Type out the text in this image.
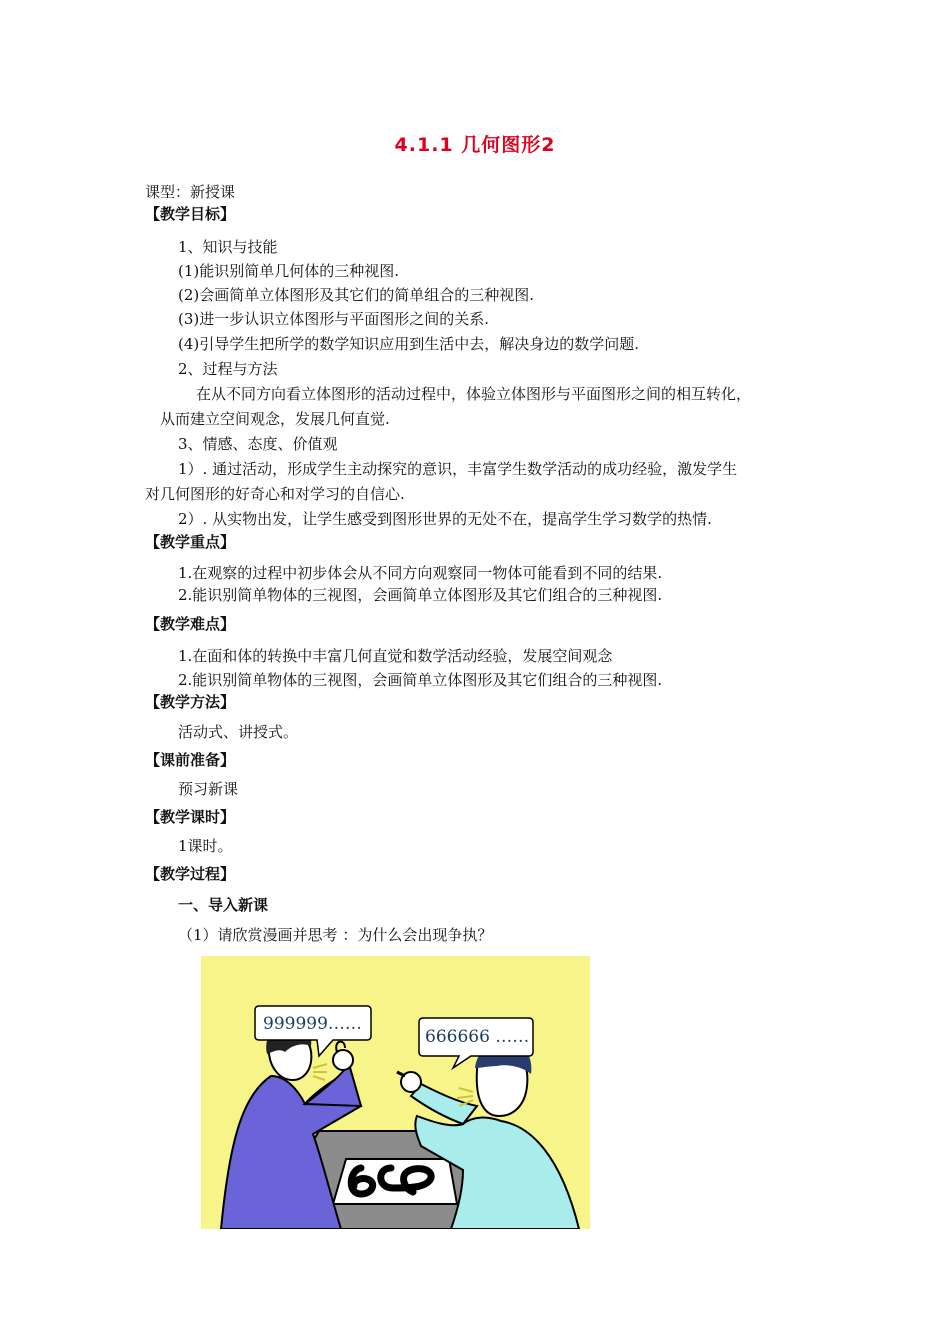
4.1.1 几何图形2
课型：新授课
【教学目标】
1、知识与技能
(1)能识别简单几何体的三种视图.
(2)会画简单立体图形及其它们的简单组合的三种视图.
(3)进一步认识立体图形与平面图形之间的关系.
(4)引导学生把所学的数学知识应用到生活中去，解决身边的数学问题.
2、过程与方法
在从不同方向看立体图形的活动过程中，体验立体图形与平面图形之间的相互转化，
从而建立空间观念，发展几何直觉.
3、情感、态度、价值观
1）. 通过活动，形成学生主动探究的意识，丰富学生数学活动的成功经验，激发学生
对几何图形的好奇心和对学习的自信心.
2）. 从实物出发，让学生感受到图形世界的无处不在，提高学生学习数学的热情.
【教学重点】
1.在观察的过程中初步体会从不同方向观察同一物体可能看到不同的结果.
2.能识别简单物体的三视图，会画简单立体图形及其它们组合的三种视图.
【教学难点】
1.在面和体的转换中丰富几何直觉和数学活动经验，发展空间观念
2.能识别简单物体的三视图，会画简单立体图形及其它们组合的三种视图.
【教学方法】
活动式、讲授式。
【课前准备】
预习新课
【教学课时】
1课时。
【教学过程】
一、导入新课
（1）请欣赏漫画并思考 ：为什么会出现争执？
999999……
666666 ……
